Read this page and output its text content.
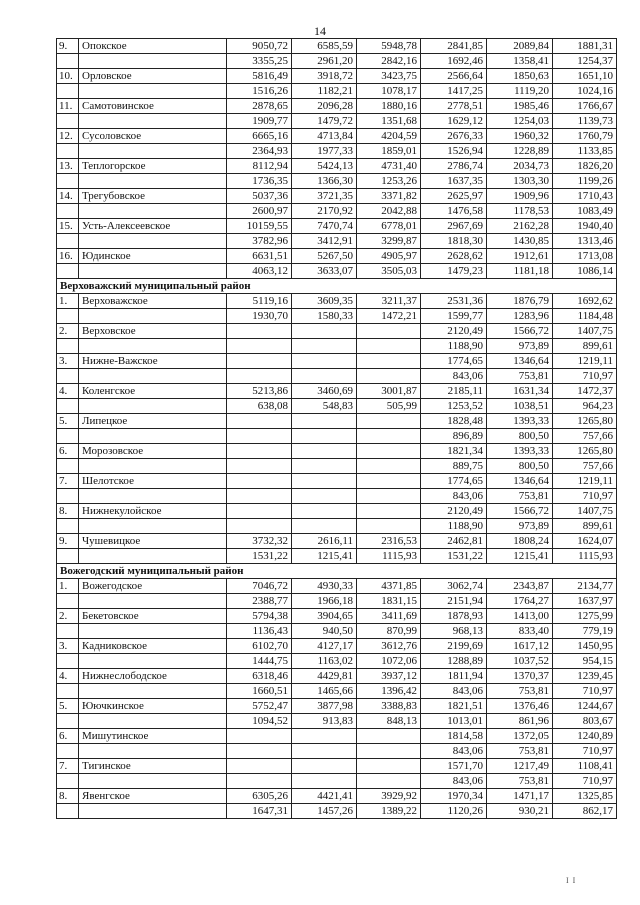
14
9.	Опокское	9050,72	6585,59	5948,78	2841,85	2089,84	1881,31
		3355,25	2961,20	2842,16	1692,46	1358,41	1254,37
10.	Орловское	5816,49	3918,72	3423,75	2566,64	1850,63	1651,10
		1516,26	1182,21	1078,17	1417,25	1119,20	1024,16
11.	Самотовинское	2878,65	2096,28	1880,16	2778,51	1985,46	1766,67
		1909,77	1479,72	1351,68	1629,12	1254,03	1139,73
12.	Сусоловское	6665,16	4713,84	4204,59	2676,33	1960,32	1760,79
		2364,93	1977,33	1859,01	1526,94	1228,89	1133,85
13.	Теплогорское	8112,94	5424,13	4731,40	2786,74	2034,73	1826,20
		1736,35	1366,30	1253,26	1637,35	1303,30	1199,26
14.	Трегубовское	5037,36	3721,35	3371,82	2625,97	1909,96	1710,43
		2600,97	2170,92	2042,88	1476,58	1178,53	1083,49
15.	Усть-Алексеевское	10159,55	7470,74	6778,01	2967,69	2162,28	1940,40
		3782,96	3412,91	3299,87	1818,30	1430,85	1313,46
16.	Юдинское	6631,51	5267,50	4905,97	2628,62	1912,61	1713,08
		4063,12	3633,07	3505,03	1479,23	1181,18	1086,14
Верховажский муниципальный район							
1.	Верховажское	5119,16	3609,35	3211,37	2531,36	1876,79	1692,62
		1930,70	1580,33	1472,21	1599,77	1283,96	1184,48
2.	Верховское				2120,49	1566,72	1407,75
					1188,90	973,89	899,61
3.	Нижне-Важское				1774,65	1346,64	1219,11
					843,06	753,81	710,97
4.	Коленгское	5213,86	3460,69	3001,87	2185,11	1631,34	1472,37
		638,08	548,83	505,99	1253,52	1038,51	964,23
5.	Липецкое				1828,48	1393,33	1265,80
					896,89	800,50	757,66
6.	Морозовское				1821,34	1393,33	1265,80
					889,75	800,50	757,66
7.	Шелотское				1774,65	1346,64	1219,11
					843,06	753,81	710,97
8.	Нижнекулойское				2120,49	1566,72	1407,75
					1188,90	973,89	899,61
9.	Чушевицкое	3732,32	2616,11	2316,53	2462,81	1808,24	1624,07
		1531,22	1215,41	1115,93	1531,22	1215,41	1115,93
Вожегодский муниципальный район							
1.	Вожегодское	7046,72	4930,33	4371,85	3062,74	2343,87	2134,77
		2388,77	1966,18	1831,15	2151,94	1764,27	1637,97
2.	Бекетовское	5794,38	3904,65	3411,69	1878,93	1413,00	1275,99
		1136,43	940,50	870,99	968,13	833,40	779,19
3.	Кадниковское	6102,70	4127,17	3612,76	2199,69	1617,12	1450,95
		1444,75	1163,02	1072,06	1288,89	1037,52	954,15
4.	Нижнеслободское	6318,46	4429,81	3937,12	1811,94	1370,37	1239,45
		1660,51	1465,66	1396,42	843,06	753,81	710,97
5.	Юючкинское	5752,47	3877,98	3388,83	1821,51	1376,46	1244,67
		1094,52	913,83	848,13	1013,01	861,96	803,67
6.	Мишутинское				1814,58	1372,05	1240,89
					843,06	753,81	710,97
7.	Тигинское				1571,70	1217,49	1108,41
					843,06	753,81	710,97
8.	Явенгское	6305,26	4421,41	3929,92	1970,34	1471,17	1325,85
		1647,31	1457,26	1389,22	1120,26	930,21	862,17
I I
